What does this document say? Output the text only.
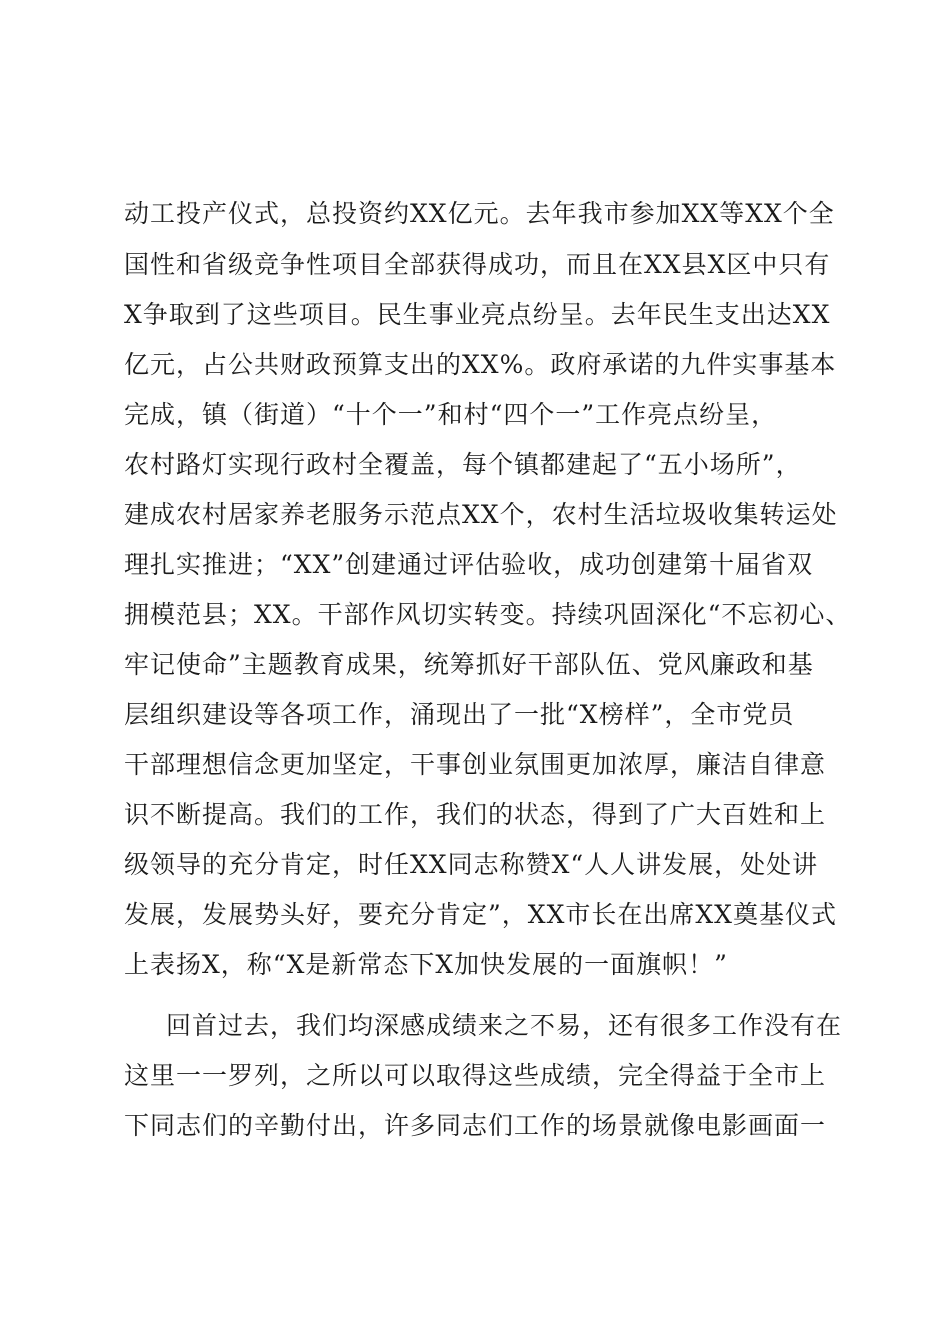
动工投产仪式，总投资约XX亿元。去年我市参加XX等XX个全
国性和省级竞争性项目全部获得成功，而且在XX县X区中只有
X争取到了这些项目。民生事业亮点纷呈。去年民生支出达XX
亿元，占公共财政预算支出的XX%。政府承诺的九件实事基本
完成，镇（街道）“十个一”和村“四个一”工作亮点纷呈，
农村路灯实现行政村全覆盖，每个镇都建起了“五小场所”，
建成农村居家养老服务示范点XX个，农村生活垃圾收集转运处
理扎实推进；“XX”创建通过评估验收，成功创建第十届省双
拥模范县；XX。干部作风切实转变。持续巩固深化“不忘初心、
牢记使命”主题教育成果，统筹抓好干部队伍、党风廉政和基
层组织建设等各项工作，涌现出了一批“X榜样”，全市党员
干部理想信念更加坚定，干事创业氛围更加浓厚，廉洁自律意
识不断提高。我们的工作，我们的状态，得到了广大百姓和上
级领导的充分肯定，时任XX同志称赞X“人人讲发展，处处讲
发展，发展势头好，要充分肯定”，XX市长在出席XX奠基仪式
上表扬X，称“X是新常态下X加快发展的一面旗帜！”
回首过去，我们均深感成绩来之不易，还有很多工作没有在
这里一一罗列，之所以可以取得这些成绩，完全得益于全市上
下同志们的辛勤付出，许多同志们工作的场景就像电影画面一
